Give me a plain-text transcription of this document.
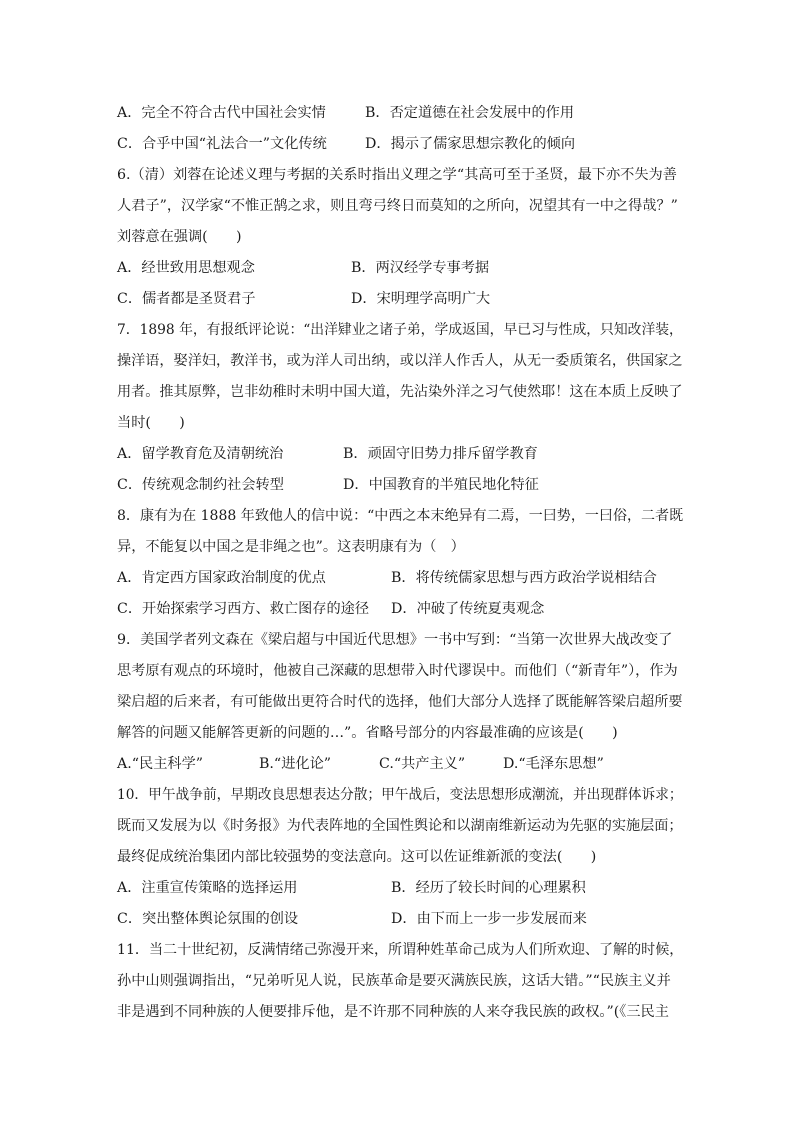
A．完全不符合古代中国社会实情	B．否定道德在社会发展中的作用
C．合乎中国“礼法合一”文化传统	D．揭示了儒家思想宗教化的倾向
6.（清）刘蓉在论述义理与考据的关系时指出义理之学“其高可至于圣贤，最下亦不失为善
人君子”，汉学家“不惟正鹄之求，则且弯弓终日而莫知的之所向，况望其有一中之得哉？”
刘蓉意在强调(　　)
A．经世致用思想观念	B．两汉经学专事考据
C．儒者都是圣贤君子	D．宋明理学高明广大
7．1898 年，有报纸评论说：“出洋肄业之诸子弟，学成返国，早已习与性成，只知改洋装，
操洋语，娶洋妇，教洋书，或为洋人司出纳，或以洋人作舌人，从无一委质策名，供国家之
用者。推其原弊，岂非幼稚时未明中国大道，先沾染外洋之习气使然耶！这在本质上反映了
当时(　　)
A．留学教育危及清朝统治	B．顽固守旧势力排斥留学教育
C．传统观念制约社会转型	D．中国教育的半殖民地化特征
8．康有为在 1888 年致他人的信中说：“中西之本末绝异有二焉，一曰势，一曰俗，二者既
异，不能复以中国之是非绳之也”。这表明康有为（　）
A．肯定西方国家政治制度的优点	B．将传统儒家思想与西方政治学说相结合
C．开始探索学习西方、救亡图存的途径 D．冲破了传统夏夷观念
9．美国学者列文森在《梁启超与中国近代思想》一书中写到：“当第一次世界大战改变了
思考原有观点的环境时，他被自己深藏的思想带入时代谬误中。而他们（“新青年”），作为
梁启超的后来者，有可能做出更符合时代的选择，他们大部分人选择了既能解答梁启超所要
解答的问题又能解答更新的问题的…”。省略号部分的内容最准确的应该是(　　)
A.“民主科学”	B.“进化论”	C.“共产主义”	D.“毛泽东思想”
10．甲午战争前，早期改良思想表达分散；甲午战后，变法思想形成潮流，并出现群体诉求；
既而又发展为以《时务报》为代表阵地的全国性舆论和以湖南维新运动为先驱的实施层面；
最终促成统治集团内部比较强势的变法意向。这可以佐证维新派的变法(　　)
A．注重宣传策略的选择运用	B．经历了较长时间的心理累积
C．突出整体舆论氛围的创设	D．由下而上一步一步发展而来
11．当二十世纪初，反满情绪己弥漫开来，所谓种姓革命己成为人们所欢迎、了解的时候，
孙中山则强调指出，“兄弟听见人说，民族革命是要灭满族民族，这话大错。”“民族主义并
非是遇到不同种族的人便要排斥他，是不许那不同种族的人来夺我民族的政权。”(《三民主
